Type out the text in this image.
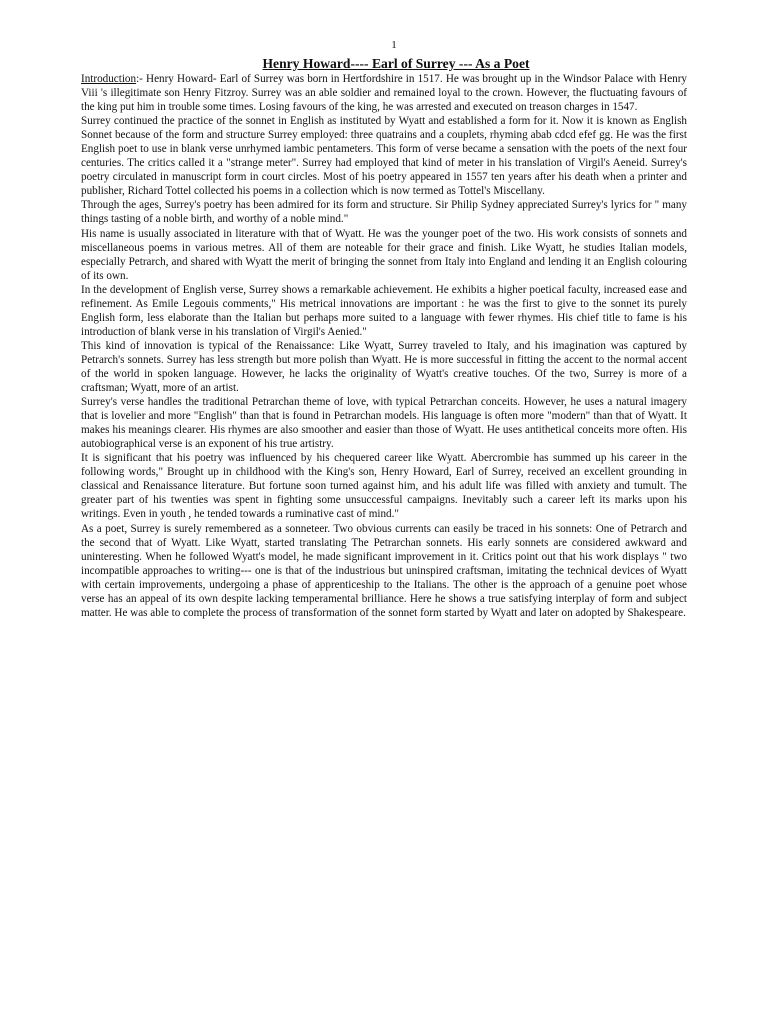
1
Henry Howard---- Earl of Surrey --- As a Poet

Introduction:- Henry Howard- Earl of Surrey was born in Hertfordshire in 1517. He was brought up in the Windsor Palace with Henry Viii 's illegitimate son Henry Fitzroy. Surrey was an able soldier and remained loyal to the crown. However, the fluctuating favours of the king put him in trouble some times. Losing favours of the king, he was arrested and executed on treason charges in 1547.

Surrey continued the practice of the sonnet in English as instituted by Wyatt and established a form for it. Now it is known as English Sonnet because of the form and structure Surrey employed: three quatrains and a couplets, rhyming abab cdcd efef gg. He was the first English poet to use in blank verse unrhymed iambic pentameters. This form of verse became a sensation with the poets of the next four centuries. The critics called it a "strange meter". Surrey had employed that kind of meter in his translation of Virgil's Aeneid. Surrey's poetry circulated in manuscript form in court circles. Most of his poetry appeared in 1557 ten years after his death when a printer and publisher, Richard Tottel collected his poems in a collection which is now termed as Tottel's Miscellany.

Through the ages, Surrey's poetry has been admired for its form and structure. Sir Philip Sydney appreciated Surrey's lyrics for " many things tasting of a noble birth, and worthy of a noble mind."

His name is usually associated in literature with that of Wyatt. He was the younger poet of the two. His work consists of sonnets and miscellaneous poems in various metres. All of them are noteable for their grace and finish. Like Wyatt, he studies Italian models, especially Petrarch, and shared with Wyatt the merit of bringing the sonnet from Italy into England and lending it an English colouring of its own.

In the development of English verse, Surrey shows a remarkable achievement. He exhibits a higher poetical faculty, increased ease and refinement. As Emile Legouis comments," His metrical innovations are important : he was the first to give to the sonnet its purely English form, less elaborate than the Italian but perhaps more suited to a language with fewer rhymes. His chief title to fame is his introduction of blank verse in his translation of Virgil's Aenied."

This kind of innovation is typical of the Renaissance: Like Wyatt, Surrey traveled to Italy, and his imagination was captured by Petrarch's sonnets. Surrey has less strength but more polish than Wyatt. He is more successful in fitting the accent to the normal accent of the world in spoken language. However, he lacks the originality of Wyatt's creative touches. Of the two, Surrey is more of a craftsman; Wyatt, more of an artist.

Surrey's verse handles the traditional Petrarchan theme of love, with typical Petrarchan conceits. However, he uses a natural imagery that is lovelier and more "English" than that is found in Petrarchan models. His language is often more "modern" than that of Wyatt. It makes his meanings clearer. His rhymes are also smoother and easier than those of Wyatt. He uses antithetical conceits more often. His autobiographical verse is an exponent of his true artistry.

It is significant that his poetry was influenced by his chequered career like Wyatt. Abercrombie has summed up his career in the following words," Brought up in childhood with the King's son, Henry Howard, Earl of Surrey, received an excellent grounding in classical and Renaissance literature. But fortune soon turned against him, and his adult life was filled with anxiety and tumult. The greater part of his twenties was spent in fighting some unsuccessful campaigns. Inevitably such a career left its marks upon his writings. Even in youth , he tended towards a ruminative cast of mind."

As a poet, Surrey is surely remembered as a sonneteer. Two obvious currents can easily be traced in his sonnets: One of Petrarch and the second that of Wyatt. Like Wyatt, started translating The Petrarchan sonnets. His early sonnets are considered awkward and uninteresting. When he followed Wyatt's model, he made significant improvement in it. Critics point out that his work displays " two incompatible approaches to writing--- one is that of the industrious but uninspired craftsman, imitating the technical devices of Wyatt with certain improvements, undergoing a phase of apprenticeship to the Italians. The other is the approach of a genuine poet whose verse has an appeal of its own despite lacking temperamental brilliance. Here he shows a true satisfying interplay of form and subject matter. He was able to complete the process of transformation of the sonnet form started by Wyatt and later on adopted by Shakespeare.
